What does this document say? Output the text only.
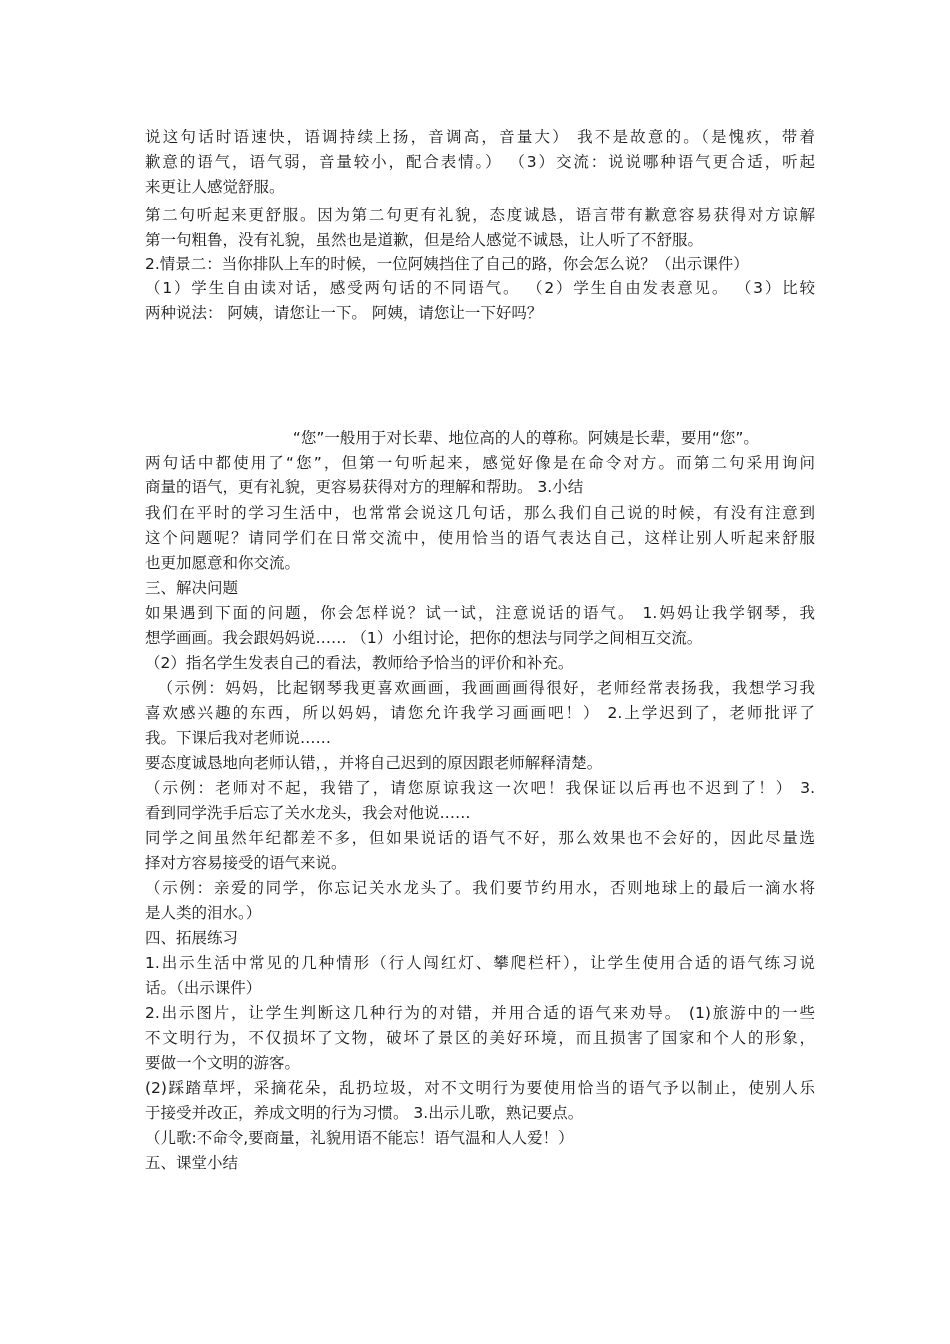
说这句话时语速快，语调持续上扬，音调高，音量大） 我不是故意的。（是愧疚，带着
歉意的语气，语气弱，音量较小，配合表情。） （3）交流：说说哪种语气更合适，听起
来更让人感觉舒服。
第二句听起来更舒服。因为第二句更有礼貌，态度诚恳，语言带有歉意容易获得对方谅解
第一句粗鲁，没有礼貌，虽然也是道歉，但是给人感觉不诚恳，让人听了不舒服。
2.情景二：当你排队上车的时候，一位阿姨挡住了自己的路，你会怎么说？（出示课件）
（1）学生自由读对话，感受两句话的不同语气。 （2）学生自由发表意见。 （3）比较
两种说法： 阿姨，请您让一下。 阿姨，请您让一下好吗？
“您”一般用于对长辈、地位高的人的尊称。阿姨是长辈，要用“您”。
两句话中都使用了“您”，但第一句听起来，感觉好像是在命令对方。而第二句采用询问
商量的语气，更有礼貌，更容易获得对方的理解和帮助。 3.小结
我们在平时的学习生活中，也常常会说这几句话，那么我们自己说的时候，有没有注意到
这个问题呢？请同学们在日常交流中，使用恰当的语气表达自己，这样让别人听起来舒服
也更加愿意和你交流。
三、解决问题
如果遇到下面的问题，你会怎样说？试一试，注意说话的语气。 1.妈妈让我学钢琴，我
想学画画。我会跟妈妈说…… （1）小组讨论，把你的想法与同学之间相互交流。
（2）指名学生发表自己的看法，教师给予恰当的评价和补充。
（示例：妈妈，比起钢琴我更喜欢画画，我画画画得很好，老师经常表扬我，我想学习我
喜欢感兴趣的东西，所以妈妈，请您允许我学习画画吧！） 2.上学迟到了，老师批评了
我。下课后我对老师说……
要态度诚恳地向老师认错，，并将自己迟到的原因跟老师解释清楚。
（示例：老师对不起，我错了，请您原谅我这一次吧！我保证以后再也不迟到了！） 3.
看到同学洗手后忘了关水龙头，我会对他说……
同学之间虽然年纪都差不多，但如果说话的语气不好，那么效果也不会好的，因此尽量选
择对方容易接受的语气来说。
（示例：亲爱的同学，你忘记关水龙头了。我们要节约用水，否则地球上的最后一滴水将
是人类的泪水。）
四、拓展练习
1.出示生活中常见的几种情形（行人闯红灯、攀爬栏杆），让学生使用合适的语气练习说
话。（出示课件）
2.出示图片，让学生判断这几种行为的对错，并用合适的语气来劝导。 (1)旅游中的一些
不文明行为，不仅损坏了文物，破坏了景区的美好环境，而且损害了国家和个人的形象，
要做一个文明的游客。
(2)踩踏草坪，采摘花朵，乱扔垃圾，对不文明行为要使用恰当的语气予以制止，使别人乐
于接受并改正，养成文明的行为习惯。 3.出示儿歌，熟记要点。
（儿歌:不命令,要商量，礼貌用语不能忘！语气温和人人爱！）
五、课堂小结
